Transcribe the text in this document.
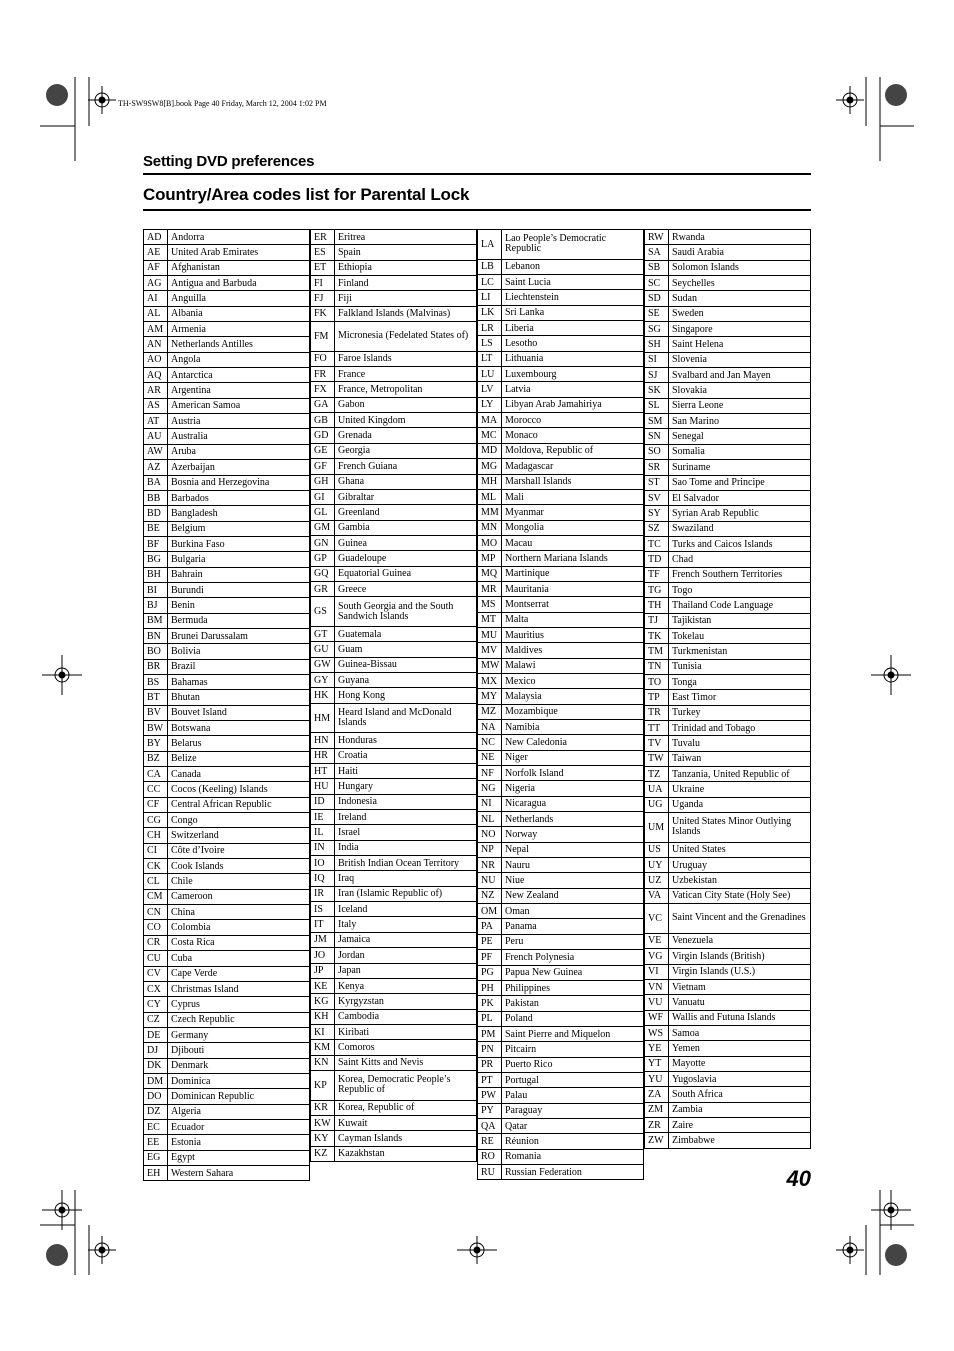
TH-SW9SW8[B].book Page 40 Friday, March 12, 2004 1:02 PM
Setting DVD preferences
Country/Area codes list for Parental Lock
AD	Andorra
AE	United Arab Emirates
AF	Afghanistan
AG	Antigua and Barbuda
AI	Anguilla
AL	Albania
AM	Armenia
AN	Netherlands Antilles
AO	Angola
AQ	Antarctica
AR	Argentina
AS	American Samoa
AT	Austria
AU	Australia
AW	Aruba
AZ	Azerbaijan
BA	Bosnia and Herzegovina
BB	Barbados
BD	Bangladesh
BE	Belgium
BF	Burkina Faso
BG	Bulgaria
BH	Bahrain
BI	Burundi
BJ	Benin
BM	Bermuda
BN	Brunei Darussalam
BO	Bolivia
BR	Brazil
BS	Bahamas
BT	Bhutan
BV	Bouvet Island
BW	Botswana
BY	Belarus
BZ	Belize
CA	Canada
CC	Cocos (Keeling) Islands
CF	Central African Republic
CG	Congo
CH	Switzerland
CI	Côte d’Ivoire
CK	Cook Islands
CL	Chile
CM	Cameroon
CN	China
CO	Colombia
CR	Costa Rica
CU	Cuba
CV	Cape Verde
CX	Christmas Island
CY	Cyprus
CZ	Czech Republic
DE	Germany
DJ	Djibouti
DK	Denmark
DM	Dominica
DO	Dominican Republic
DZ	Algeria
EC	Ecuador
EE	Estonia
EG	Egypt
EH	Western Sahara
ER	Eritrea
ES	Spain
ET	Ethiopia
FI	Finland
FJ	Fiji
FK	Falkland Islands (Malvinas)
FM	Micronesia (Fedelated States of)
FO	Faroe Islands
FR	France
FX	France, Metropolitan
GA	Gabon
GB	United Kingdom
GD	Grenada
GE	Georgia
GF	French Guiana
GH	Ghana
GI	Gibraltar
GL	Greenland
GM	Gambia
GN	Guinea
GP	Guadeloupe
GQ	Equatorial Guinea
GR	Greece
GS	South Georgia and the South Sandwich Islands
GT	Guatemala
GU	Guam
GW	Guinea-Bissau
GY	Guyana
HK	Hong Kong
HM	Heard Island and McDonald Islands
HN	Honduras
HR	Croatia
HT	Haiti
HU	Hungary
ID	Indonesia
IE	Ireland
IL	Israel
IN	India
IO	British Indian Ocean Territory
IQ	Iraq
IR	Iran (Islamic Republic of)
IS	Iceland
IT	Italy
JM	Jamaica
JO	Jordan
JP	Japan
KE	Kenya
KG	Kyrgyzstan
KH	Cambodia
KI	Kiribati
KM	Comoros
KN	Saint Kitts and Nevis
KP	Korea, Democratic People’s Republic of
KR	Korea, Republic of
KW	Kuwait
KY	Cayman Islands
KZ	Kazakhstan
LA	Lao People’s Democratic Republic
LB	Lebanon
LC	Saint Lucia
LI	Liechtenstein
LK	Sri Lanka
LR	Liberia
LS	Lesotho
LT	Lithuania
LU	Luxembourg
LV	Latvia
LY	Libyan Arab Jamahiriya
MA	Morocco
MC	Monaco
MD	Moldova, Republic of
MG	Madagascar
MH	Marshall Islands
ML	Mali
MM	Myanmar
MN	Mongolia
MO	Macau
MP	Northern Mariana Islands
MQ	Martinique
MR	Mauritania
MS	Montserrat
MT	Malta
MU	Mauritius
MV	Maldives
MW	Malawi
MX	Mexico
MY	Malaysia
MZ	Mozambique
NA	Namibia
NC	New Caledonia
NE	Niger
NF	Norfolk Island
NG	Nigeria
NI	Nicaragua
NL	Netherlands
NO	Norway
NP	Nepal
NR	Nauru
NU	Niue
NZ	New Zealand
OM	Oman
PA	Panama
PE	Peru
PF	French Polynesia
PG	Papua New Guinea
PH	Philippines
PK	Pakistan
PL	Poland
PM	Saint Pierre and Miquelon
PN	Pitcairn
PR	Puerto Rico
PT	Portugal
PW	Palau
PY	Paraguay
QA	Qatar
RE	Réunion
RO	Romania
RU	Russian Federation
RW	Rwanda
SA	Saudi Arabia
SB	Solomon Islands
SC	Seychelles
SD	Sudan
SE	Sweden
SG	Singapore
SH	Saint Helena
SI	Slovenia
SJ	Svalbard and Jan Mayen
SK	Slovakia
SL	Sierra Leone
SM	San Marino
SN	Senegal
SO	Somalia
SR	Suriname
ST	Sao Tome and Principe
SV	El Salvador
SY	Syrian Arab Republic
SZ	Swaziland
TC	Turks and Caicos Islands
TD	Chad
TF	French Southern Territories
TG	Togo
TH	Thailand Code Language
TJ	Tajikistan
TK	Tokelau
TM	Turkmenistan
TN	Tunisia
TO	Tonga
TP	East Timor
TR	Turkey
TT	Trinidad and Tobago
TV	Tuvalu
TW	Taiwan
TZ	Tanzania, United Republic of
UA	Ukraine
UG	Uganda
UM	United States Minor Outlying Islands
US	United States
UY	Uruguay
UZ	Uzbekistan
VA	Vatican City State (Holy See)
VC	Saint Vincent and the Grenadines
VE	Venezuela
VG	Virgin Islands (British)
VI	Virgin Islands (U.S.)
VN	Vietnam
VU	Vanuatu
WF	Wallis and Futuna Islands
WS	Samoa
YE	Yemen
YT	Mayotte
YU	Yugoslavia
ZA	South Africa
ZM	Zambia
ZR	Zaire
ZW	Zimbabwe
40
